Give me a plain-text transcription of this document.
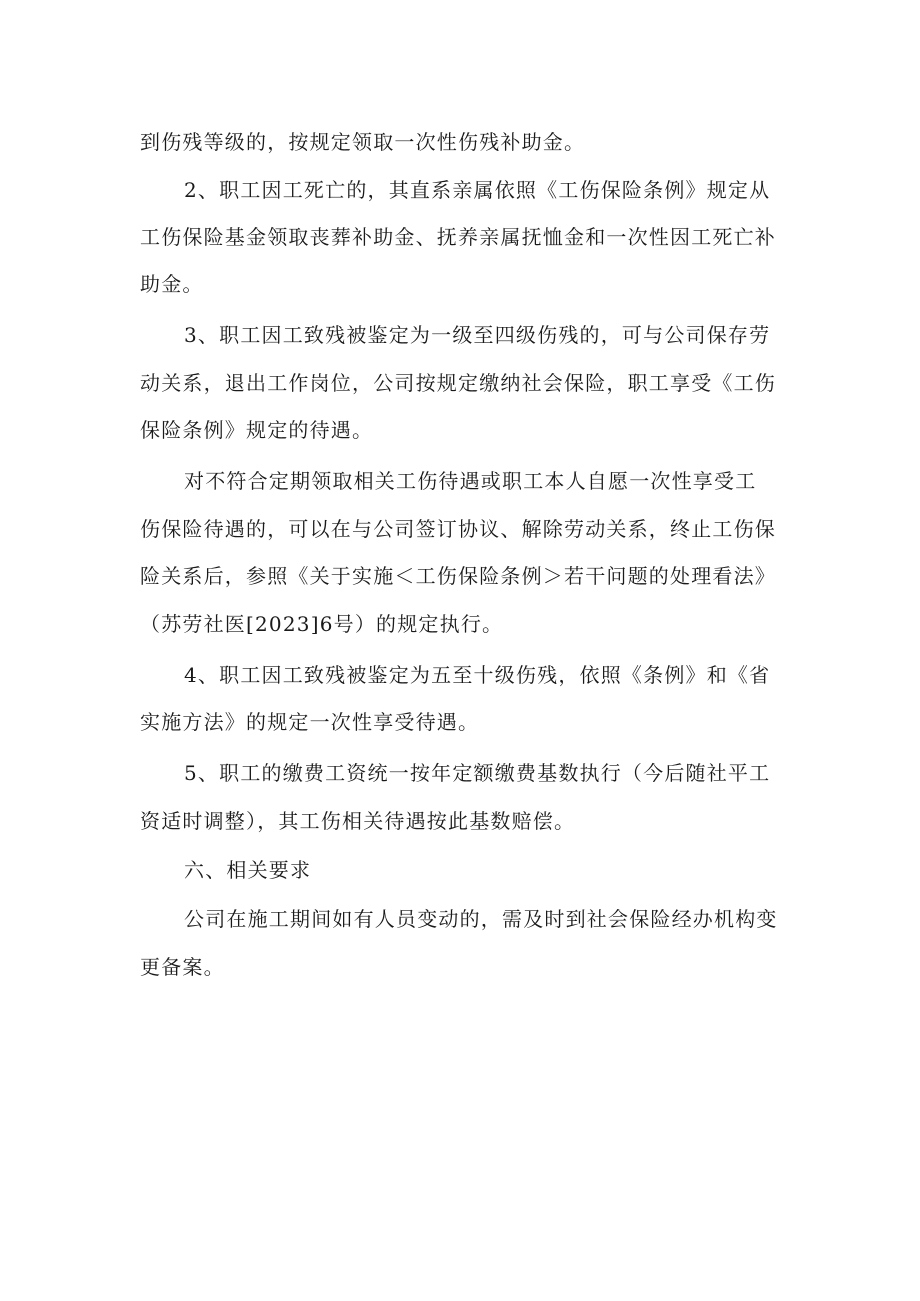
到伤残等级的，按规定领取一次性伤残补助金。

2、职工因工死亡的，其直系亲属依照《工伤保险条例》规定从

工伤保险基金领取丧葬补助金、抚养亲属抚恤金和一次性因工死亡补

助金。

3、职工因工致残被鉴定为一级至四级伤残的，可与公司保存劳

动关系，退出工作岗位，公司按规定缴纳社会保险，职工享受《工伤

保险条例》规定的待遇。

对不符合定期领取相关工伤待遇或职工本人自愿一次性享受工

伤保险待遇的，可以在与公司签订协议、解除劳动关系，终止工伤保

险关系后，参照《关于实施＜工伤保险条例＞若干问题的处理看法》

（苏劳社医[2023]6号）的规定执行。

4、职工因工致残被鉴定为五至十级伤残，依照《条例》和《省

实施方法》的规定一次性享受待遇。

5、职工的缴费工资统一按年定额缴费基数执行（今后随社平工

资适时调整），其工伤相关待遇按此基数赔偿。

六、相关要求

公司在施工期间如有人员变动的，需及时到社会保险经办机构变

更备案。
